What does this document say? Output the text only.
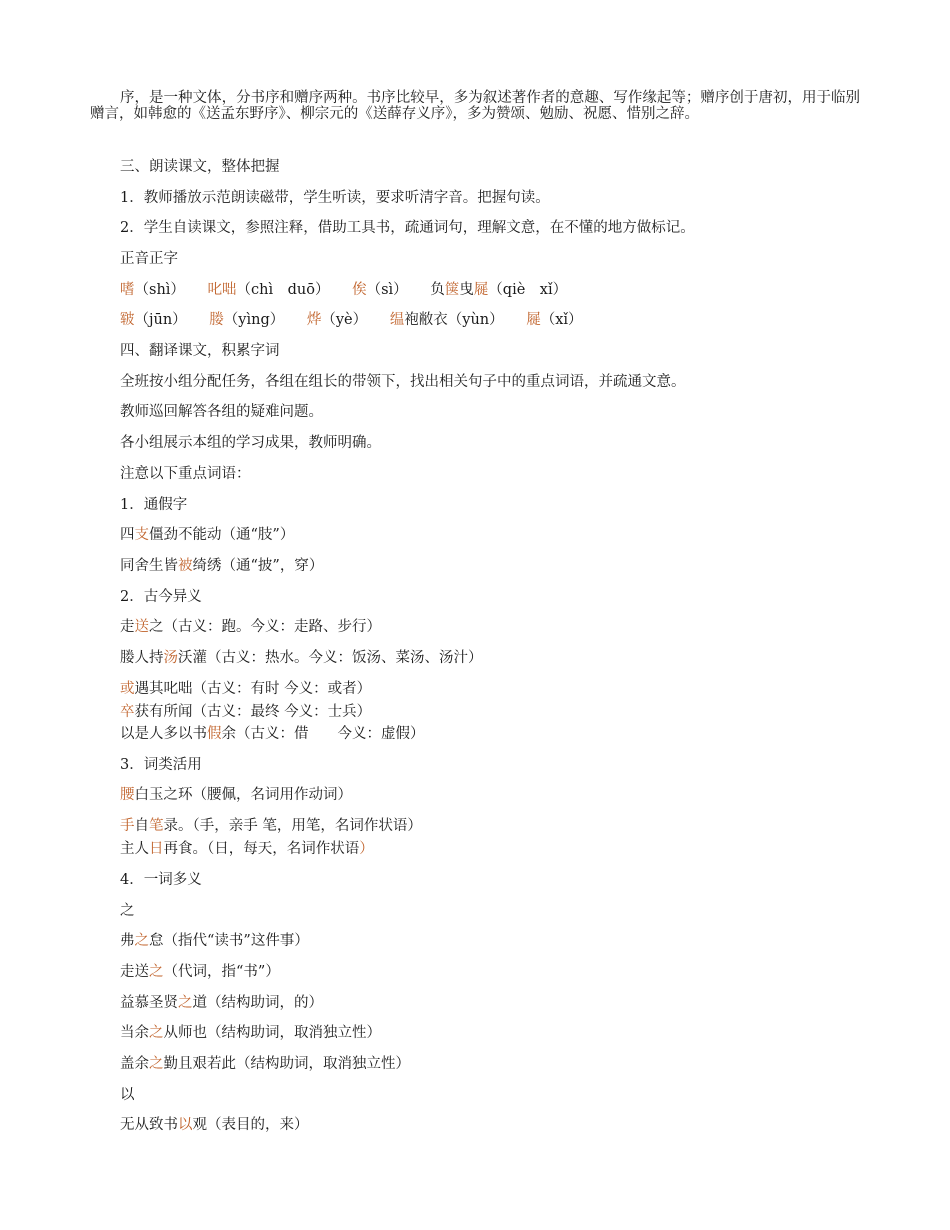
序，是一种文体，分书序和赠序两种。书序比较早，多为叙述著作者的意趣、写作缘起等；赠序创于唐初，用于临别赠言，如韩愈的《送孟东野序》、柳宗元的《送薛存义序》，多为赞颂、勉励、祝愿、惜别之辞。
三、朗读课文，整体把握
1．教师播放示范朗读磁带，学生听读，要求听清字音。把握句读。
2．学生自读课文，参照注释，借助工具书，疏通词句，理解文意，在不懂的地方做标记。
正音正字
嗜（shì） 叱咄（chì　duō） 俟（sì） 负箧曳屣（qiè　xǐ）
皲（jūn） 媵（yìng） 烨（yè） 缊袍敝衣（yùn） 屣（xǐ）
四、翻译课文，积累字词
全班按小组分配任务，各组在组长的带领下，找出相关句子中的重点词语，并疏通文意。
教师巡回解答各组的疑难问题。
各小组展示本组的学习成果，教师明确。
注意以下重点词语：
1．通假字
四支僵劲不能动（通“肢”）
同舍生皆被绮绣（通“披”，穿）
2．古今异义
走送之（古义：跑。今义：走路、步行）
媵人持汤沃灌（古义：热水。今义：饭汤、菜汤、汤汁）
或遇其叱咄（古义：有时 今义：或者）
卒获有所闻（古义：最终 今义：士兵）
以是人多以书假余（古义：借　　今义：虚假）
3．词类活用
腰白玉之环（腰佩，名词用作动词）
手自笔录。（手，亲手 笔，用笔，名词作状语）
主人日再食。（日，每天，名词作状语）
4．一词多义
之
弗之怠（指代“读书”这件事）
走送之（代词，指“书”）
益慕圣贤之道（结构助词，的）
当余之从师也（结构助词，取消独立性）
盖余之勤且艰若此（结构助词，取消独立性）
以
无从致书以观（表目的，来）
